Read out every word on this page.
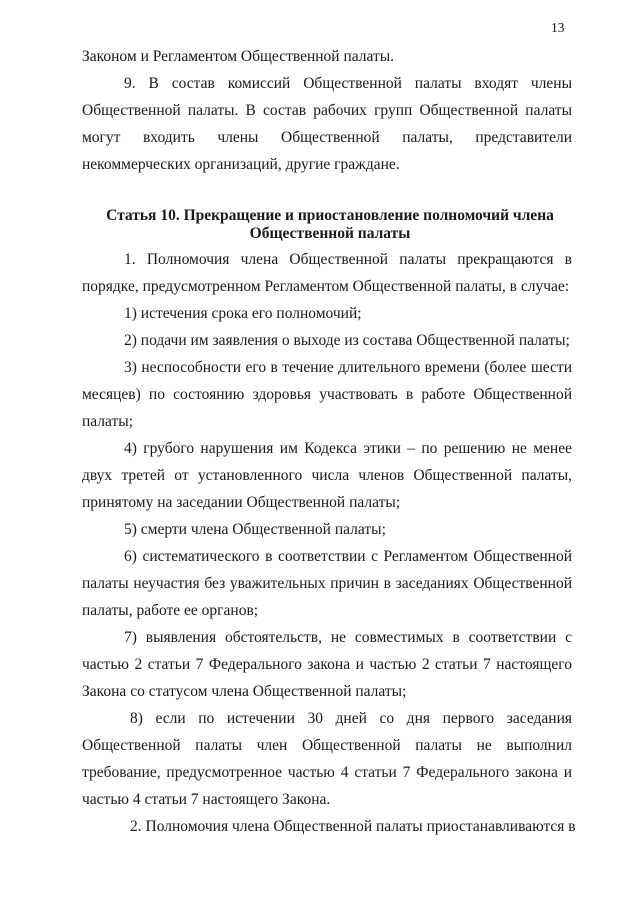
13
Законом и Регламентом Общественной палаты.
9. В состав комиссий Общественной палаты входят члены
Общественной палаты. В состав рабочих групп Общественной палаты
могут входить члены Общественной палаты, представители
некоммерческих организаций, другие граждане.
1. Полномочия члена Общественной палаты прекращаются в
порядке, предусмотренном Регламентом Общественной палаты, в случае:
1) истечения срока его полномочий;
2) подачи им заявления о выходе из состава Общественной палаты;
3) неспособности его в течение длительного времени (более шести
месяцев) по состоянию здоровья участвовать в работе Общественной
палаты;
4) грубого нарушения им Кодекса этики – по решению не менее
двух третей от установленного числа членов Общественной палаты,
принятому на заседании Общественной палаты;
5) смерти члена Общественной палаты;
6) систематического в соответствии с Регламентом Общественной
палаты неучастия без уважительных причин в заседаниях Общественной
палаты, работе ее органов;
7) выявления обстоятельств, не совместимых в соответствии с
частью 2 статьи 7 Федерального закона и частью 2 статьи 7 настоящего
Закона со статусом члена Общественной палаты;
8) если по истечении 30 дней со дня первого заседания
Общественной палаты член Общественной палаты не выполнил
требование, предусмотренное частью 4 статьи 7 Федерального закона и
частью 4 статьи 7 настоящего Закона.
2. Полномочия члена Общественной палаты приостанавливаются в
Статья 10. Прекращение и приостановление полномочий члена
Общественной палаты
